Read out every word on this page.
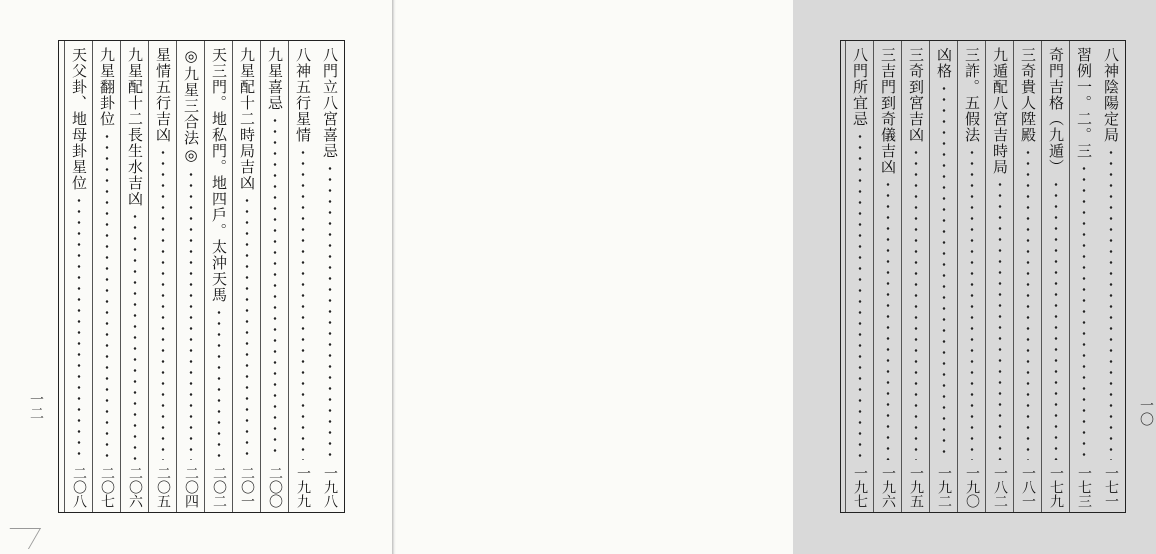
八門立八宮喜忌
一九八
八神五行星情
一九九
九星喜忌
二〇〇
九星配十二時局吉凶
二〇一
天三門。地私門。地四戶。太沖天馬
二〇二
◎九星三合法◎
二〇四
星情五行吉凶
二〇五
九星配十二長生水吉凶
二〇六
九星翻卦位
二〇七
天父卦、地母卦星位
二〇八
一二
八神陰陽定局
一七一
習例一。二。三
一七三
奇門吉格（九遁）
一七九
三奇貴人陞殿
一八一
九遁配八宮吉時局
一八二
三詐。五假法
一九〇
凶格
一九二
三奇到宮吉凶
一九五
三吉門到奇儀吉凶
一九六
八門所宜忌
一九七
一〇
